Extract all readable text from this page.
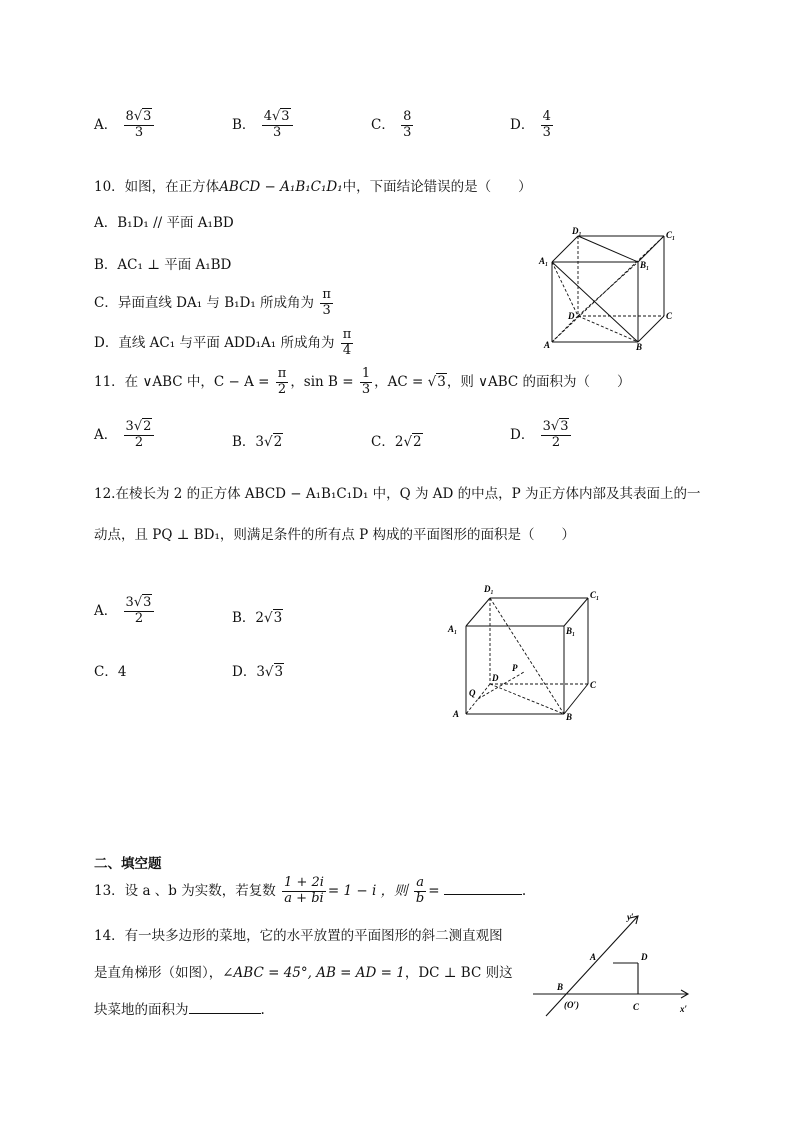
A． $\frac{8√3}{3}$	B． $\frac{4√3}{3}$	C． $\frac{8}{3}$	D． $\frac{4}{3}$
10．如图，在正方体ABCD − A₁B₁C₁D₁中，下面结论错误的是（　　）
A．B₁D₁ // 平面 A₁BD
B．AC₁ ⊥ 平面 A₁BD
C．异面直线 DA₁ 与 B₁D₁ 所成角为 $\frac{\pi}{3}$
D．直线 AC₁ 与平面 ADD₁A₁ 所成角为 $\frac{\pi}{4}$
D₁	C₁
A₁	B₁
D	C
A	B
11．在 ∨ABC 中，$C - A = \frac{\pi}{2}$ ，$\sin B = \frac{1}{3}$ ，AC = √3，则 ∨ABC 的面积为（　　）
A． $\frac{3√2}{2}$	B．3√2	C．2√2	D． $\frac{3√3}{2}$
12.在棱长为 2 的正方体 ABCD − A₁B₁C₁D₁ 中，Q 为 AD 的中点，P 为正方体内部及其表面上的一
动点，且 PQ ⊥ BD₁，则满足条件的所有点 P 构成的平面图形的面积是（　　）
A． $\frac{3√3}{2}$	B．2√3
C．4	D．3√3
D₁
C₁
A₁	B₁
D
C
A	B
Q
P
二、填空题
13．设 a 、b 为实数，若复数 $\frac{1 + 2i}{a + bi} = 1 - i$ ，则 $\frac{a}{b}$ =	.
14．有一块多边形的菜地，它的水平放置的平面图形的斜二测直观图
是直角梯形（如图），∠ABC = 45°, AB = AD = 1，DC ⊥ BC 则这
块菜地的面积为	.
y′
A	D
B
(O′)	C	x′
